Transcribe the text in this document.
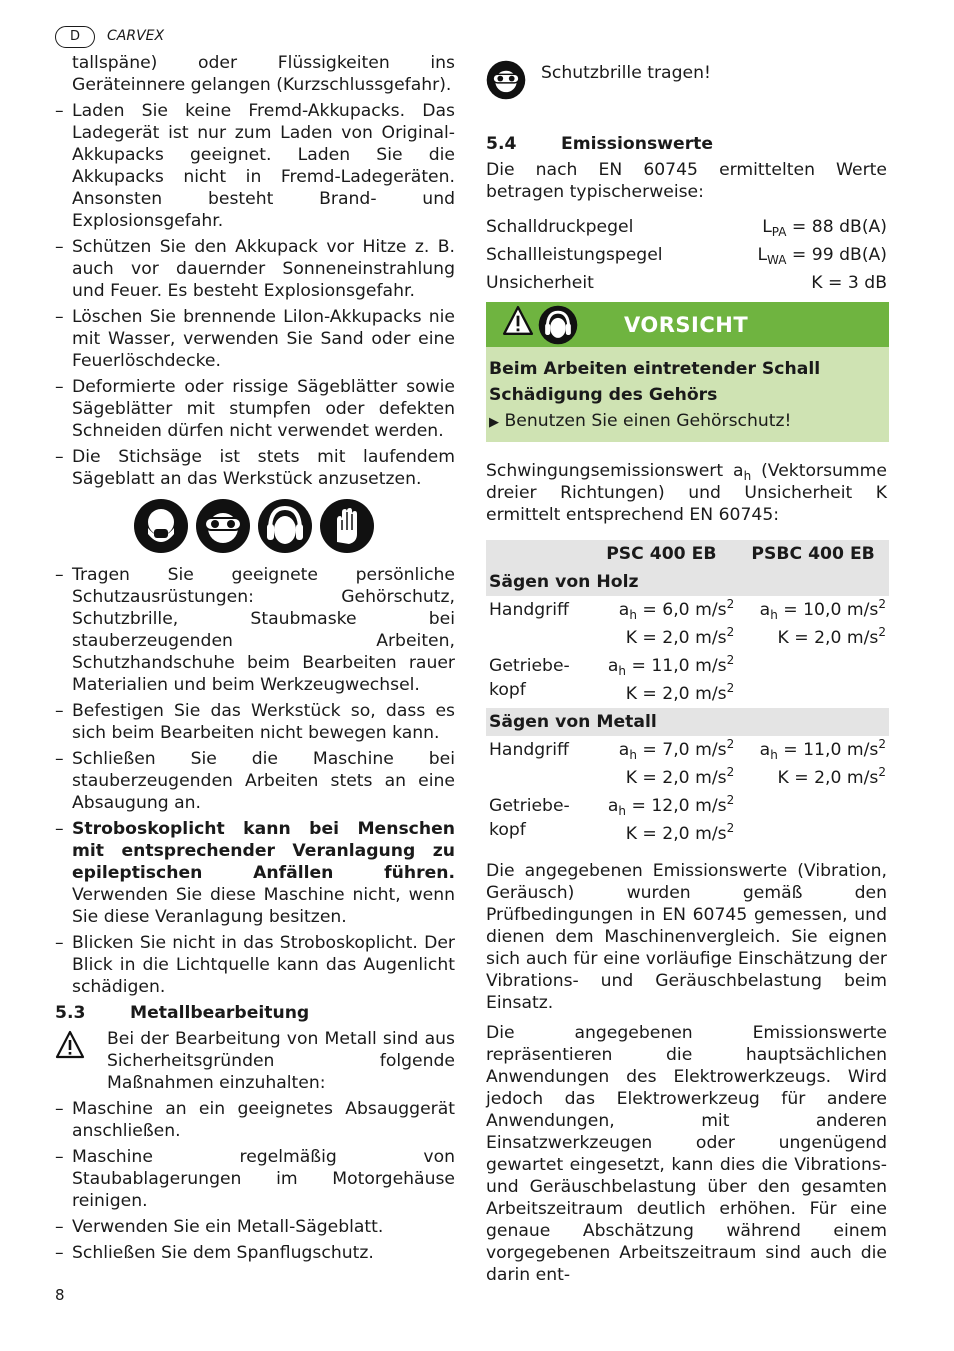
D	CARVEX
tallspäne) oder Flüssigkeiten ins Geräteinnere gelangen (Kurzschlussgefahr).
– Laden Sie keine Fremd-Akkupacks. Das Ladegerät ist nur zum Laden von Original-Akkupacks geeignet. Laden Sie die Akkupacks nicht in Fremd-Ladegeräten. Ansonsten besteht Brand- und Explosionsgefahr.
– Schützen Sie den Akkupack vor Hitze z. B. auch vor dauernder Sonneneinstrahlung und Feuer. Es besteht Explosionsgefahr.
– Löschen Sie brennende LiIon-Akkupacks nie mit Wasser, verwenden Sie Sand oder eine Feuerlöschdecke.
– Deformierte oder rissige Sägeblätter sowie Sägeblätter mit stumpfen oder defekten Schneiden dürfen nicht verwendet werden.
– Die Stichsäge ist stets mit laufendem Sägeblatt an das Werkstück anzusetzen.
– Tragen Sie geeignete persönliche Schutzausrüstungen: Gehörschutz, Schutzbrille, Staubmaske bei stauberzeugenden Arbeiten, Schutzhandschuhe beim Bearbeiten rauer Materialien und beim Werkzeugwechsel.
– Befestigen Sie das Werkstück so, dass es sich beim Bearbeiten nicht bewegen kann.
– Schließen Sie die Maschine bei stauberzeugenden Arbeiten stets an eine Absaugung an.
– Stroboskoplicht kann bei Menschen mit entsprechender Veranlagung zu epileptischen Anfällen führen. Verwenden Sie diese Maschine nicht, wenn Sie diese Veranlagung besitzen.
– Blicken Sie nicht in das Stroboskoplicht. Der Blick in die Lichtquelle kann das Augenlicht schädigen.
5.3	Metallbearbeitung
Bei der Bearbeitung von Metall sind aus Sicherheitsgründen folgende Maßnahmen einzuhalten:
– Maschine an ein geeignetes Absauggerät anschließen.
– Maschine regelmäßig von Staubablagerungen im Motorgehäuse reinigen.
– Verwenden Sie ein Metall-Sägeblatt.
– Schließen Sie dem Spanflugschutz.
Schutzbrille tragen!
5.4	Emissionswerte
Die nach EN 60745 ermittelten Werte betragen typischerweise:
Schalldruckpegel	$L_{PA} = 88$ dB(A)
Schallleistungspegel	$L_{WA} = 99$ dB(A)
Unsicherheit	K = 3 dB
VORSICHT
Beim Arbeiten eintretender Schall
Schädigung des Gehörs
▶ Benutzen Sie einen Gehörschutz!
Schwingungsemissionswert $a_h$ (Vektorsumme dreier Richtungen) und Unsicherheit K ermittelt entsprechend EN 60745:
	PSC 400 EB	PSBC 400 EB
Sägen von Holz		
Handgriff	$a_h = 6,0$ $m/s^2$	$a_h = 10,0$ $m/s^2$
	K = 2,0 $m/s^2$	K = 2,0 $m/s^2$
Getriebe-	$a_h = 11,0$ $m/s^2$	
kopf	K = 2,0 $m/s^2$	
Sägen von Metall		
Handgriff	$a_h = 7,0$ $m/s^2$	$a_h = 11,0$ $m/s^2$
	K = 2,0 $m/s^2$	K = 2,0 $m/s^2$
Getriebe-	$a_h = 12,0$ $m/s^2$	
kopf	K = 2,0 $m/s^2$	
Die angegebenen Emissionswerte (Vibration, Geräusch) wurden gemäß den Prüfbedingungen in EN 60745 gemessen, und dienen dem Maschinenvergleich. Sie eignen sich auch für eine vorläufige Einschätzung der Vibrations- und Geräuschbelastung beim Einsatz.
Die angegebenen Emissionswerte repräsentieren die hauptsächlichen Anwendungen des Elektrowerkzeugs. Wird jedoch das Elektrowerkzeug für andere Anwendungen, mit anderen Einsatzwerkzeugen oder ungenügend gewartet eingesetzt, kann dies die Vibrations- und Geräuschbelastung über den gesamten Arbeitszeitraum deutlich erhöhen. Für eine genaue Abschätzung während einem vorgegebenen Arbeitszeitraum sind auch die darin ent-
8
